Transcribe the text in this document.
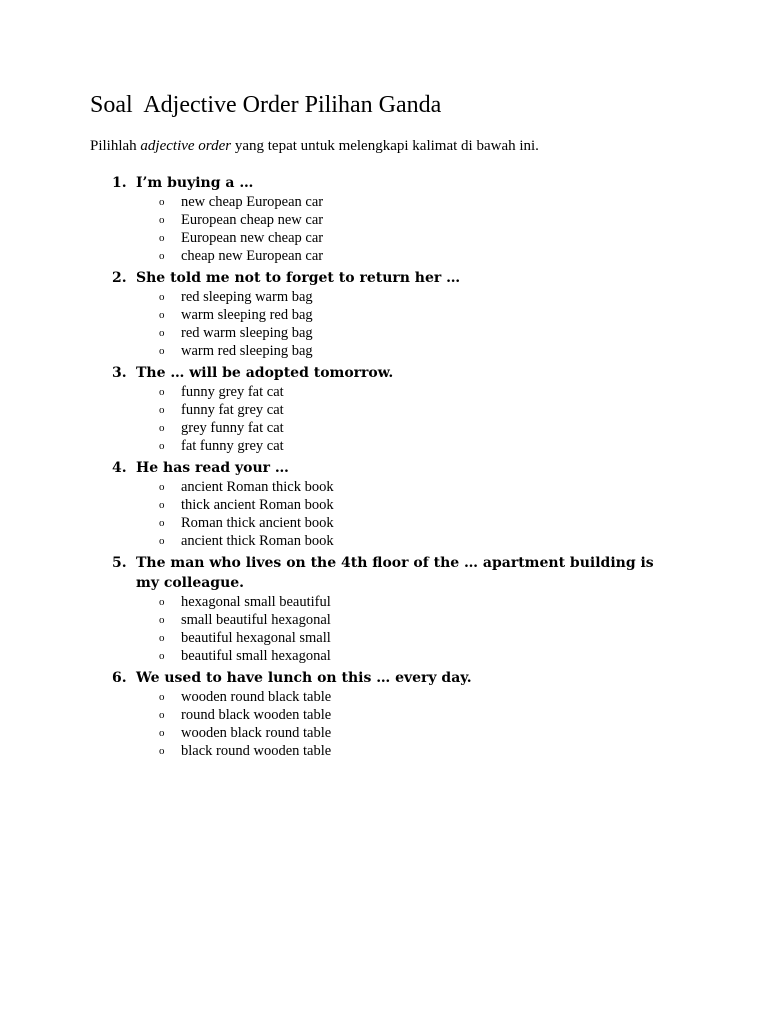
Soal  Adjective Order Pilihan Ganda

Pilihlah adjective order yang tepat untuk melengkapi kalimat di bawah ini.

1. I’m buying a …
o new cheap European car
o European cheap new car
o European new cheap car
o cheap new European car
2. She told me not to forget to return her …
o red sleeping warm bag
o warm sleeping red bag
o red warm sleeping bag
o warm red sleeping bag
3. The … will be adopted tomorrow.
o funny grey fat cat
o funny fat grey cat
o grey funny fat cat
o fat funny grey cat
4. He has read your …
o ancient Roman thick book
o thick ancient Roman book
o Roman thick ancient book
o ancient thick Roman book
5. The man who lives on the 4th floor of the … apartment building is my colleague.
o hexagonal small beautiful
o small beautiful hexagonal
o beautiful hexagonal small
o beautiful small hexagonal
6. We used to have lunch on this … every day.
o wooden round black table
o round black wooden table
o wooden black round table
o black round wooden table
